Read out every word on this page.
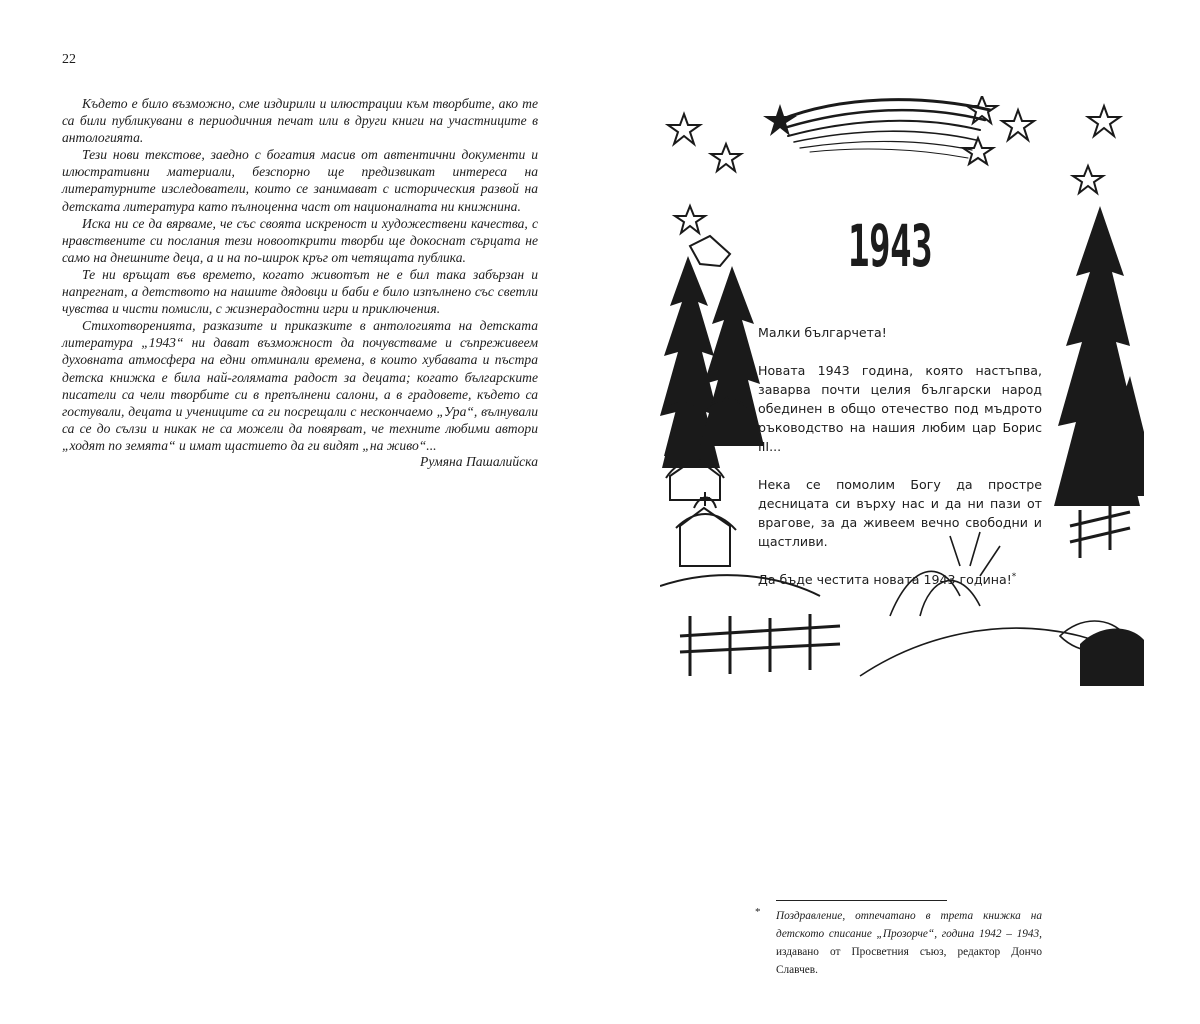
22

Където е било възможно, сме издирили и илюстрации към творбите, ако те са били публикувани в периодичния печат или в други книги на участниците в антологията.

Тези нови текстове, заедно с богатия масив от автентични документи и илюстративни материали, безспорно ще предизвикат интереса на литературните изследователи, които се занимават с историческия развой на детската литература като пълноценна част от националната ни книжнина.

Иска ни се да вярваме, че със своята искреност и художествени качества, с нравствените си послания тези новооткрити творби ще докоснат сърцата не само на днешните деца, а и на по-широк кръг от четящата публика.

Те ни връщат във времето, когато животът не е бил така забързан и напрегнат, а детството на нашите дядовци и баби е било изпълнено със светли чувства и чисти помисли, с жизнерадостни игри и приключения.

Стихотворенията, разказите и приказките в антологията на детската литература „1943“ ни дават възможност да почувстваме и съпреживеем духовната атмосфера на едни отминали времена, в които хубавата и пъстра детска книжка е била най-голямата радост за децата; когато българските писатели са чели творбите си в препълнени салони, а в градовете, където са гостували, децата и учениците са ги посрещали с нескончаемо „Ура“, вълнували са се до сълзи и никак не са можели да повярват, че техните любими автори „ходят по земята“ и имат щастието да ги видят „на живо“...

Румяна Пашалийска
1943

Малки българчета!

Новата 1943 година, която настъпва, заварва почти целия български народ обединен в общо отечество под мъдрото ръководство на нашия любим цар Борис III...

Нека се помолим Богу да простре десницата си върху нас и да ни пази от врагове, за да живеем вечно свободни и щастливи.

Да бъде честита новата 1943 година!*

* Поздравление, отпечатано в трета книжка на детското списание „Прозорче“, година 1942 – 1943, издавано от Просветния съюз, редактор Дончо Славчев.
